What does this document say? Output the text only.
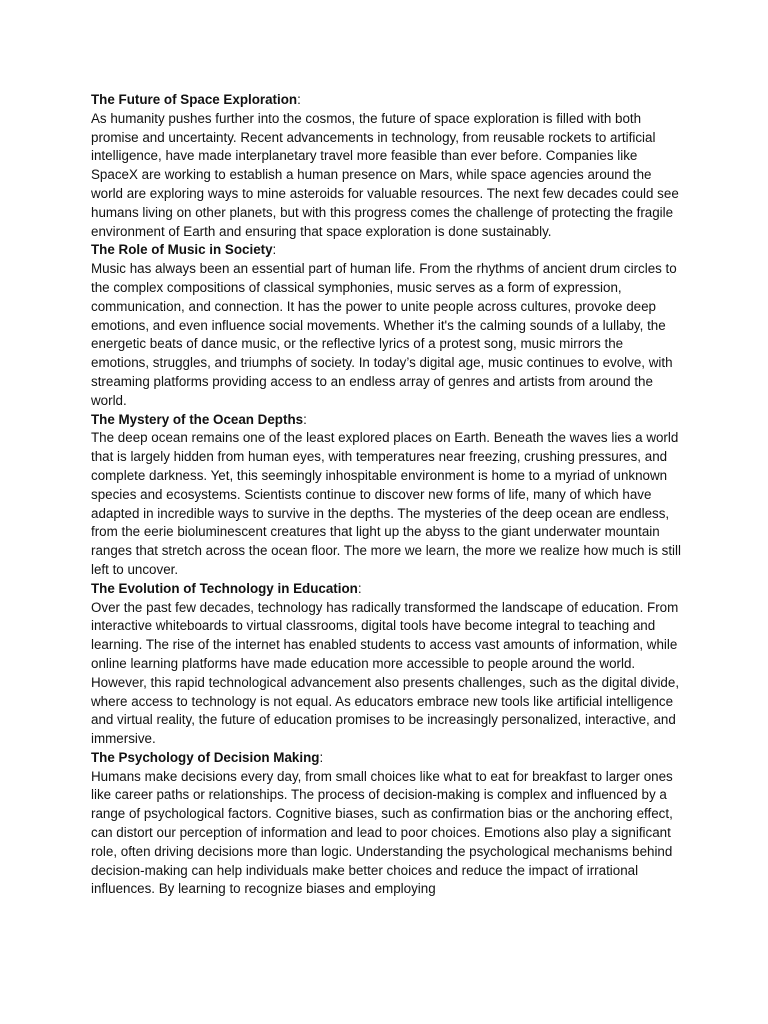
The Future of Space Exploration:

As humanity pushes further into the cosmos, the future of space exploration is filled with both promise and uncertainty. Recent advancements in technology, from reusable rockets to artificial intelligence, have made interplanetary travel more feasible than ever before. Companies like SpaceX are working to establish a human presence on Mars, while space agencies around the world are exploring ways to mine asteroids for valuable resources. The next few decades could see humans living on other planets, but with this progress comes the challenge of protecting the fragile environment of Earth and ensuring that space exploration is done sustainably.

The Role of Music in Society:

Music has always been an essential part of human life. From the rhythms of ancient drum circles to the complex compositions of classical symphonies, music serves as a form of expression, communication, and connection. It has the power to unite people across cultures, provoke deep emotions, and even influence social movements. Whether it's the calming sounds of a lullaby, the energetic beats of dance music, or the reflective lyrics of a protest song, music mirrors the emotions, struggles, and triumphs of society. In today’s digital age, music continues to evolve, with streaming platforms providing access to an endless array of genres and artists from around the world.

The Mystery of the Ocean Depths:

The deep ocean remains one of the least explored places on Earth. Beneath the waves lies a world that is largely hidden from human eyes, with temperatures near freezing, crushing pressures, and complete darkness. Yet, this seemingly inhospitable environment is home to a myriad of unknown species and ecosystems. Scientists continue to discover new forms of life, many of which have adapted in incredible ways to survive in the depths. The mysteries of the deep ocean are endless, from the eerie bioluminescent creatures that light up the abyss to the giant underwater mountain ranges that stretch across the ocean floor. The more we learn, the more we realize how much is still left to uncover.

The Evolution of Technology in Education:

Over the past few decades, technology has radically transformed the landscape of education. From interactive whiteboards to virtual classrooms, digital tools have become integral to teaching and learning. The rise of the internet has enabled students to access vast amounts of information, while online learning platforms have made education more accessible to people around the world. However, this rapid technological advancement also presents challenges, such as the digital divide, where access to technology is not equal. As educators embrace new tools like artificial intelligence and virtual reality, the future of education promises to be increasingly personalized, interactive, and immersive.

The Psychology of Decision Making:

Humans make decisions every day, from small choices like what to eat for breakfast to larger ones like career paths or relationships. The process of decision-making is complex and influenced by a range of psychological factors. Cognitive biases, such as confirmation bias or the anchoring effect, can distort our perception of information and lead to poor choices. Emotions also play a significant role, often driving decisions more than logic. Understanding the psychological mechanisms behind decision-making can help individuals make better choices and reduce the impact of irrational influences. By learning to recognize biases and employing
